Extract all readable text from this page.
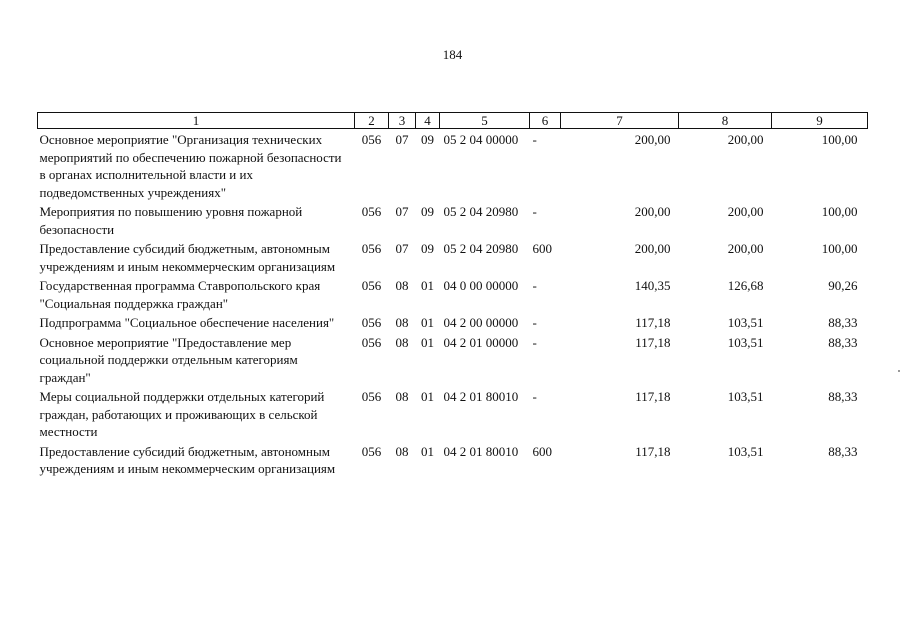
184
1	2	3	4	5	6	7	8	9
Основное мероприятие "Организация технических мероприятий по обеспечению пожарной безопасности в органах исполнительной власти и их подведомственных учреждениях"	056	07	09	05 2 04 00000	-	200,00	200,00	100,00
Мероприятия по повышению уровня пожарной безопасности	056	07	09	05 2 04 20980	-	200,00	200,00	100,00
Предоставление субсидий бюджетным, автономным учреждениям и иным некоммерческим организациям	056	07	09	05 2 04 20980	600	200,00	200,00	100,00
Государственная программа Ставропольского края "Социальная поддержка граждан"	056	08	01	04 0 00 00000	-	140,35	126,68	90,26
Подпрограмма "Социальное обеспечение населения"	056	08	01	04 2 00 00000	-	117,18	103,51	88,33
Основное мероприятие "Предоставление мер социальной поддержки отдельным категориям граждан"	056	08	01	04 2 01 00000	-	117,18	103,51	88,33
Меры социальной поддержки отдельных категорий граждан, работающих и проживающих в сельской местности	056	08	01	04 2 01 80010	-	117,18	103,51	88,33
Предоставление субсидий бюджетным, автономным учреждениям и иным некоммерческим организациям	056	08	01	04 2 01 80010	600	117,18	103,51	88,33
